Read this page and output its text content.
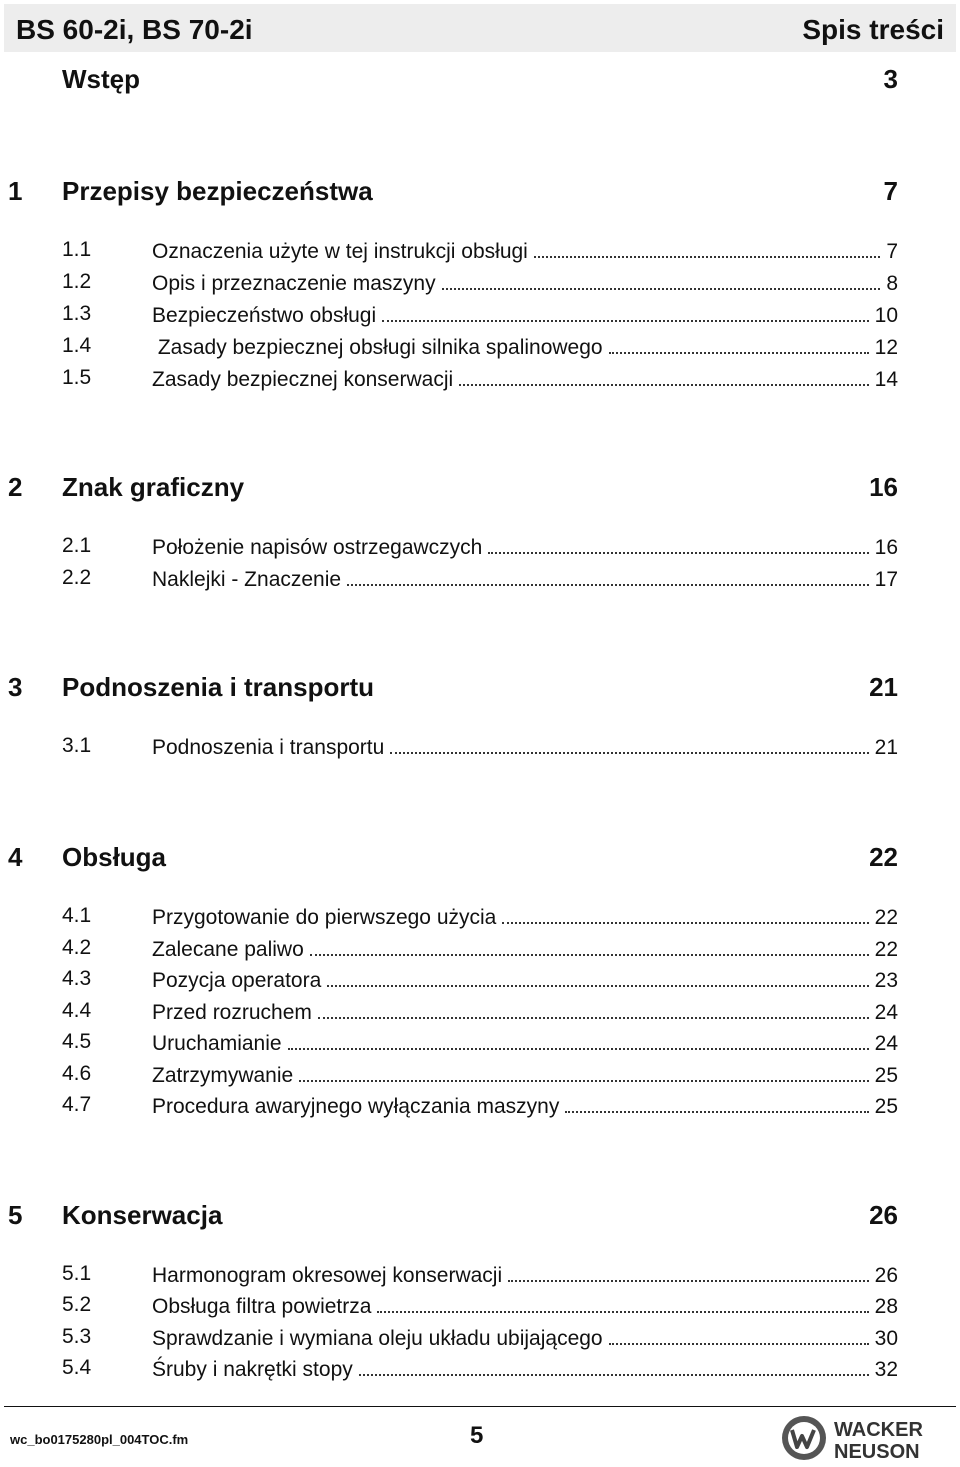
BS 60-2i, BS 70-2i	Spis treści
Wstęp	3
1 Przepisy bezpieczeństwa	7
1.1	Oznaczenia użyte w tej instrukcji obsługi	7
1.2	Opis i przeznaczenie maszyny	8
1.3	Bezpieczeństwo obsługi	10
1.4	Zasady bezpiecznej obsługi silnika spalinowego	12
1.5	Zasady bezpiecznej konserwacji	14
2 Znak graficzny	16
2.1	Położenie napisów ostrzegawczych	16
2.2	Naklejki - Znaczenie	17
3 Podnoszenia i transportu	21
3.1	Podnoszenia i transportu	21
4 Obsługa	22
4.1	Przygotowanie do pierwszego użycia	22
4.2	Zalecane paliwo	22
4.3	Pozycja operatora	23
4.4	Przed rozruchem	24
4.5	Uruchamianie	24
4.6	Zatrzymywanie	25
4.7	Procedura awaryjnego wyłączania maszyny	25
5 Konserwacja	26
5.1	Harmonogram okresowej konserwacji	26
5.2	Obsługa filtra powietrza	28
5.3	Sprawdzanie i wymiana oleju układu ubijającego	30
5.4	Śruby i nakrętki stopy	32
wc_bo0175280pl_004TOC.fm	5	WACKER
NEUSON
